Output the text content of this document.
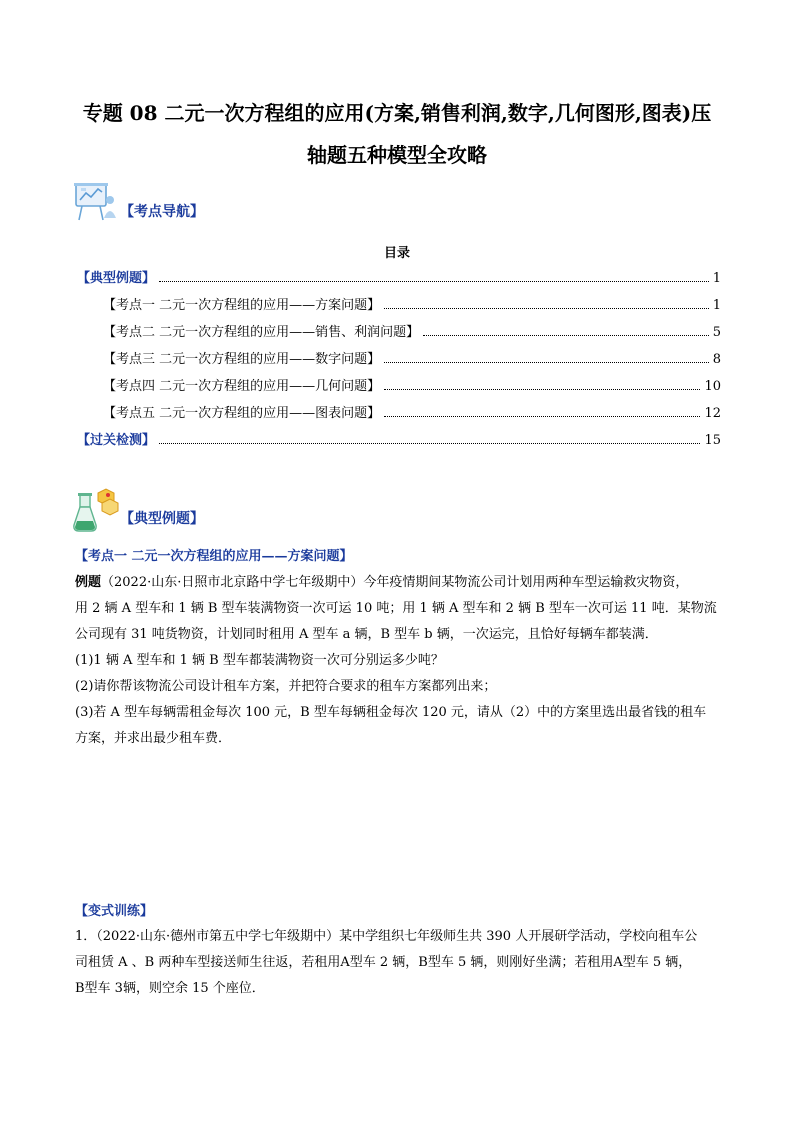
专题 08 二元一次方程组的应用(方案,销售利润,数字,几何图形,图表)压
轴题五种模型全攻略
【考点导航】
目录
【典型例题】	1
【考点一 二元一次方程组的应用——方案问题】	1
【考点二 二元一次方程组的应用——销售、利润问题】	5
【考点三 二元一次方程组的应用——数字问题】	8
【考点四 二元一次方程组的应用——几何问题】	10
【考点五 二元一次方程组的应用——图表问题】	12
【过关检测】	15
【典型例题】
【考点一 二元一次方程组的应用——方案问题】

例题（2022·山东·日照市北京路中学七年级期中）今年疫情期间某物流公司计划用两种车型运输救灾物资，

用 2 辆 A 型车和 1 辆 B 型车装满物资一次可运 10 吨；用 1 辆 A 型车和 2 辆 B 型车一次可运 11 吨．某物流

公司现有 31 吨货物资，计划同时租用 A 型车 a 辆，B 型车 b 辆，一次运完，且恰好每辆车都装满．

(1)1 辆 A 型车和 1 辆 B 型车都装满物资一次可分别运多少吨？

(2)请你帮该物流公司设计租车方案，并把符合要求的租车方案都列出来；

(3)若 A 型车每辆需租金每次 100 元，B 型车每辆租金每次 120 元，请从（2）中的方案里选出最省钱的租车

方案，并求出最少租车费．

【变式训练】

1．（2022·山东·德州市第五中学七年级期中）某中学组织七年级师生共 390 人开展研学活动，学校向租车公

司租赁 A 、B 两种车型接送师生往返，若租用A型车 2 辆，B型车 5 辆，则刚好坐满；若租用A型车 5 辆，

B型车 3辆，则空余 15 个座位．
